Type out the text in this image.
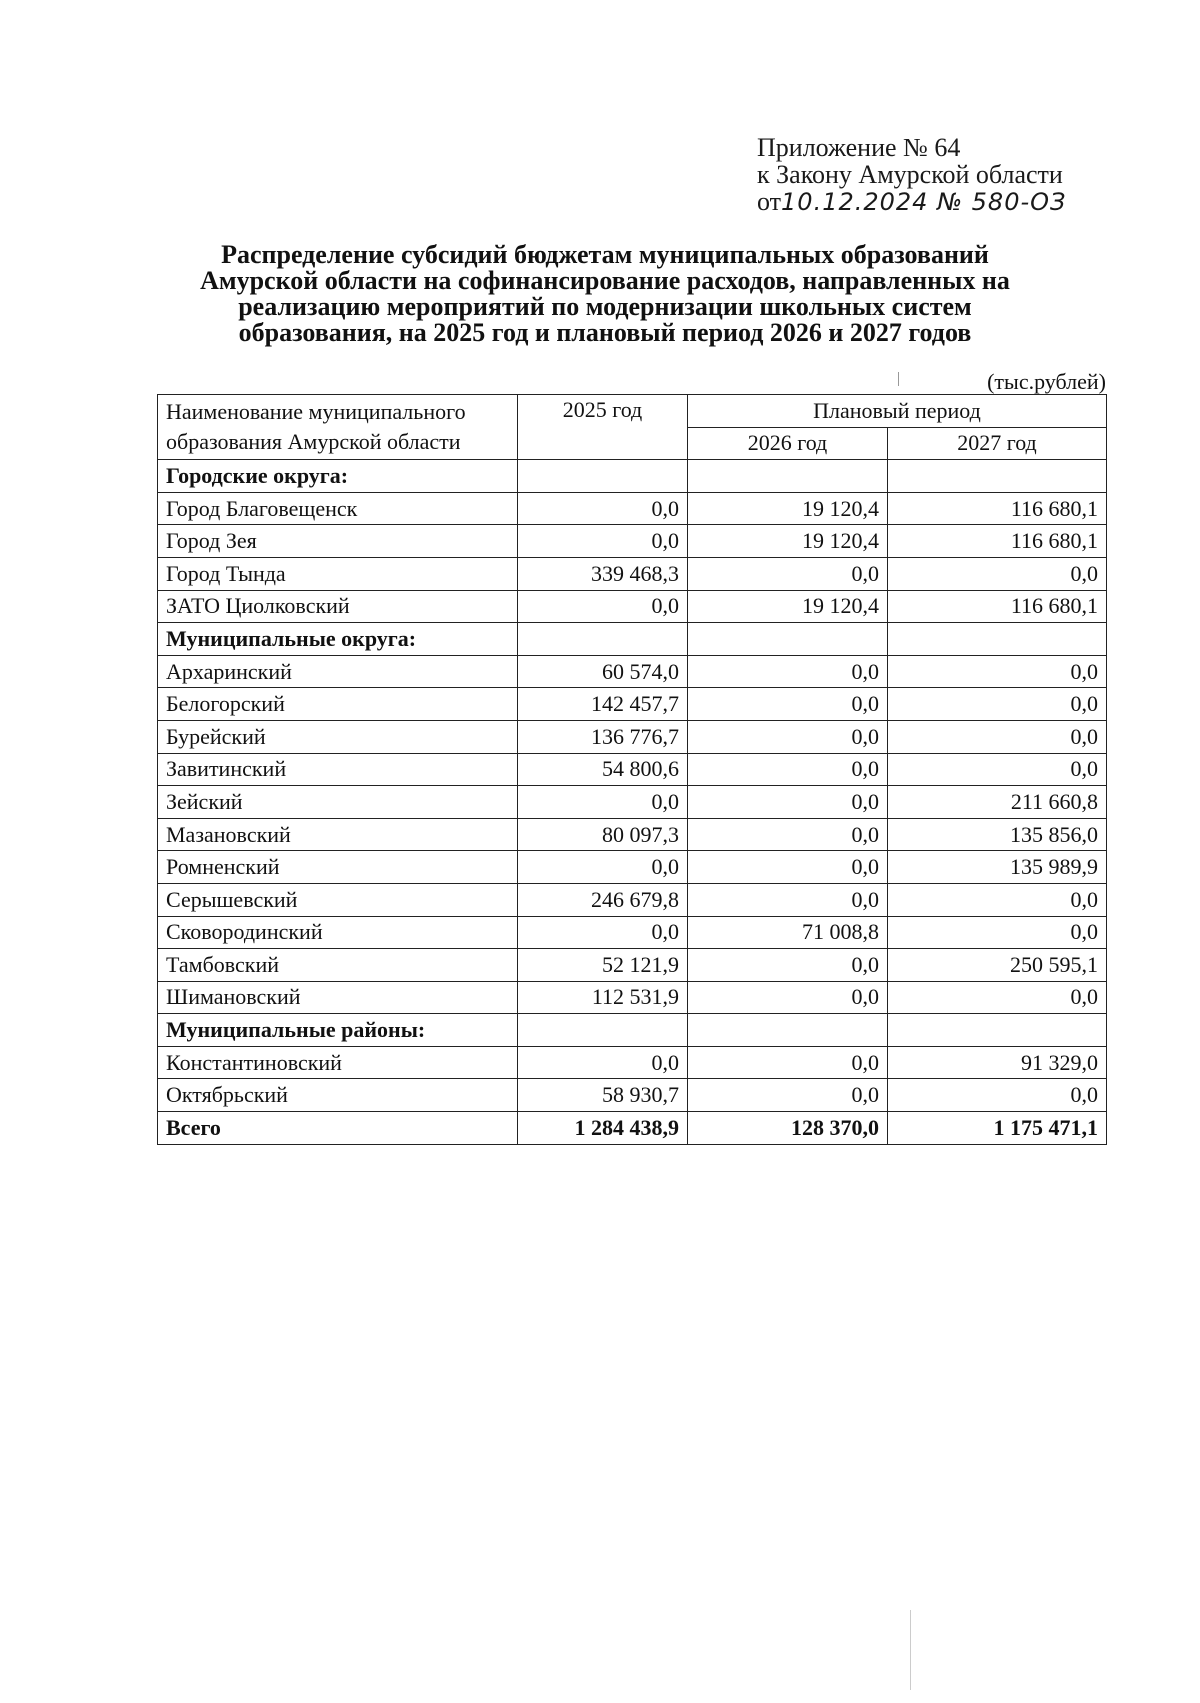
Приложение № 64
к Закону Амурской области
от10.12.2024 № 580-ОЗ
Распределение субсидий бюджетам муниципальных образований
Амурской области на софинансирование расходов, направленных на
реализацию мероприятий по модернизации школьных систем
образования, на 2025 год и плановый период 2026 и 2027 годов
(тыс.рублей)
Наименование муниципального образования Амурской области	2025 год	Плановый период	
		2026 год	2027 год
Городские округа:			
Город Благовещенск	0,0	19 120,4	116 680,1
Город Зея	0,0	19 120,4	116 680,1
Город Тында	339 468,3	0,0	0,0
ЗАТО Циолковский	0,0	19 120,4	116 680,1
Муниципальные округа:			
Архаринский	60 574,0	0,0	0,0
Белогорский	142 457,7	0,0	0,0
Бурейский	136 776,7	0,0	0,0
Завитинский	54 800,6	0,0	0,0
Зейский	0,0	0,0	211 660,8
Мазановский	80 097,3	0,0	135 856,0
Ромненский	0,0	0,0	135 989,9
Серышевский	246 679,8	0,0	0,0
Сковородинский	0,0	71 008,8	0,0
Тамбовский	52 121,9	0,0	250 595,1
Шимановский	112 531,9	0,0	0,0
Муниципальные районы:			
Константиновский	0,0	0,0	91 329,0
Октябрьский	58 930,7	0,0	0,0
Всего	1 284 438,9	128 370,0	1 175 471,1
